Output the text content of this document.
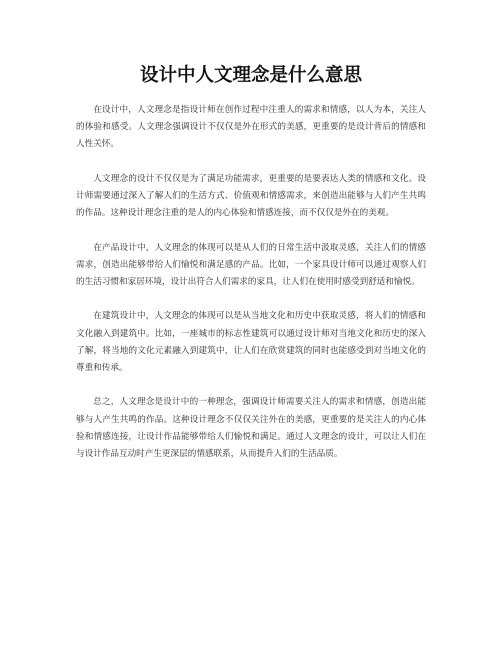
设计中人文理念是什么意思

在设计中，人文理念是指设计师在创作过程中注重人的需求和情感，以人为本，关注人的体验和感受。人文理念强调设计不仅仅是外在形式的美感，更重要的是设计背后的情感和人性关怀。

人文理念的设计不仅仅是为了满足功能需求，更重要的是要表达人类的情感和文化。设计师需要通过深入了解人们的生活方式、价值观和情感需求，来创造出能够与人们产生共鸣的作品。这种设计理念注重的是人的内心体验和情感连接，而不仅仅是外在的美观。

在产品设计中，人文理念的体现可以是从人们的日常生活中汲取灵感，关注人们的情感需求，创造出能够带给人们愉悦和满足感的产品。比如，一个家具设计师可以通过观察人们的生活习惯和家居环境，设计出符合人们需求的家具，让人们在使用时感受到舒适和愉悦。

在建筑设计中，人文理念的体现可以是从当地文化和历史中获取灵感，将人们的情感和文化融入到建筑中。比如，一座城市的标志性建筑可以通过设计师对当地文化和历史的深入了解，将当地的文化元素融入到建筑中，让人们在欣赏建筑的同时也能感受到对当地文化的尊重和传承。

总之，人文理念是设计中的一种理念，强调设计师需要关注人的需求和情感，创造出能够与人产生共鸣的作品。这种设计理念不仅仅关注外在的美感，更重要的是关注人的内心体验和情感连接，让设计作品能够带给人们愉悦和满足。通过人文理念的设计，可以让人们在与设计作品互动时产生更深层的情感联系，从而提升人们的生活品质。
